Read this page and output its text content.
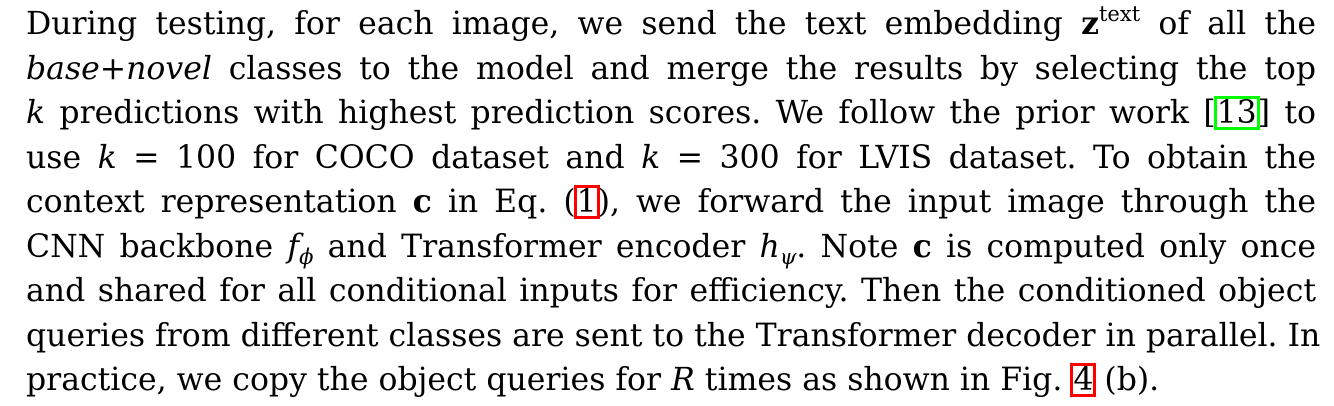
During testing, for each image, we send the text embedding $z^{text}$ of all the
base+novel classes to the model and merge the results by selecting the top
k predictions with highest prediction scores. We follow the prior work [13] to
use k = 100 for COCO dataset and k = 300 for LVIS dataset. To obtain the
context representation c in Eq. (1), we forward the input image through the
CNN backbone $f_\phi$ and Transformer encoder $h_\psi$. Note c is computed only once
and shared for all conditional inputs for efficiency. Then the conditioned object
queries from different classes are sent to the Transformer decoder in parallel. In
practice, we copy the object queries for R times as shown in Fig. 4 (b).
